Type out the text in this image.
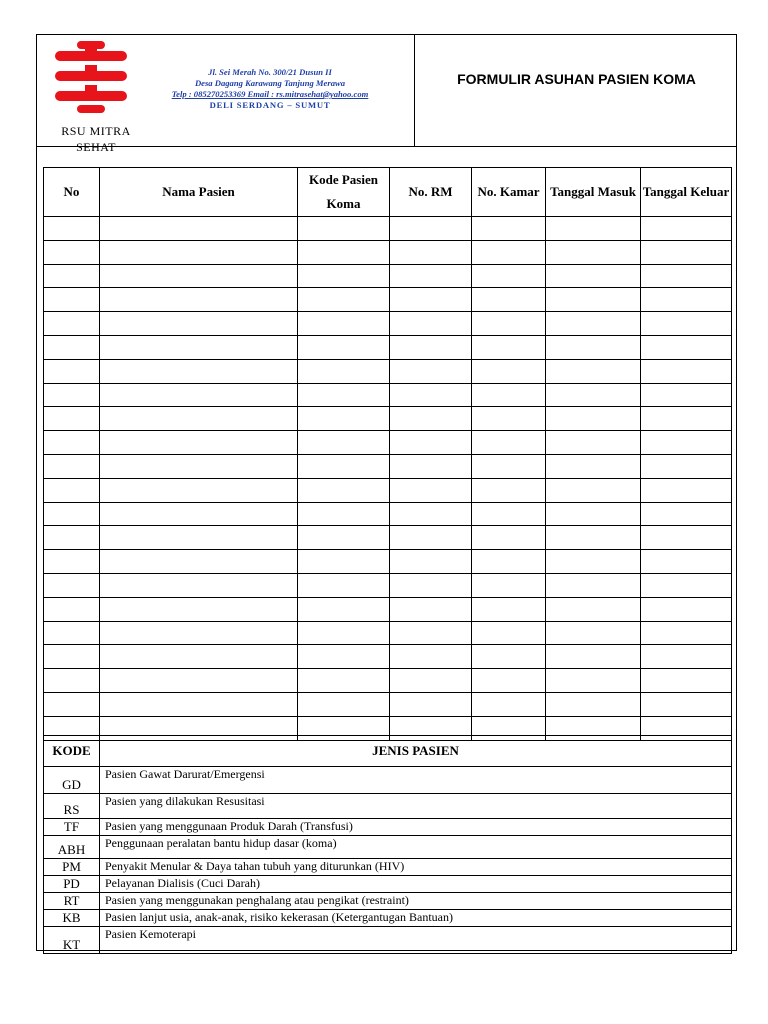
RSU MITRA SEHAT
Jl. Sei Merah No. 300/21 Dusun II
Desa Dagang Karawang Tanjung Merawa
Telp : 085270253369 Email : rs.mitrasehat@yahoo.com
DELI SERDANG – SUMUT
FORMULIR ASUHAN PASIEN KOMA
No	Nama Pasien	Kode Pasien Koma	No. RM	No. Kamar	Tanggal Masuk	Tanggal Keluar

KODE	JENIS PASIEN
GD	Pasien Gawat Darurat/Emergensi
RS	Pasien yang dilakukan Resusitasi
TF	Pasien yang menggunaan Produk Darah (Transfusi)
ABH	Penggunaan peralatan bantu hidup dasar (koma)
PM	Penyakit Menular & Daya tahan tubuh yang diturunkan (HIV)
PD	Pelayanan Dialisis (Cuci Darah)
RT	Pasien yang menggunakan penghalang atau pengikat (restraint)
KB	Pasien lanjut usia, anak-anak, risiko kekerasan (Ketergantugan Bantuan)
KT	Pasien Kemoterapi
